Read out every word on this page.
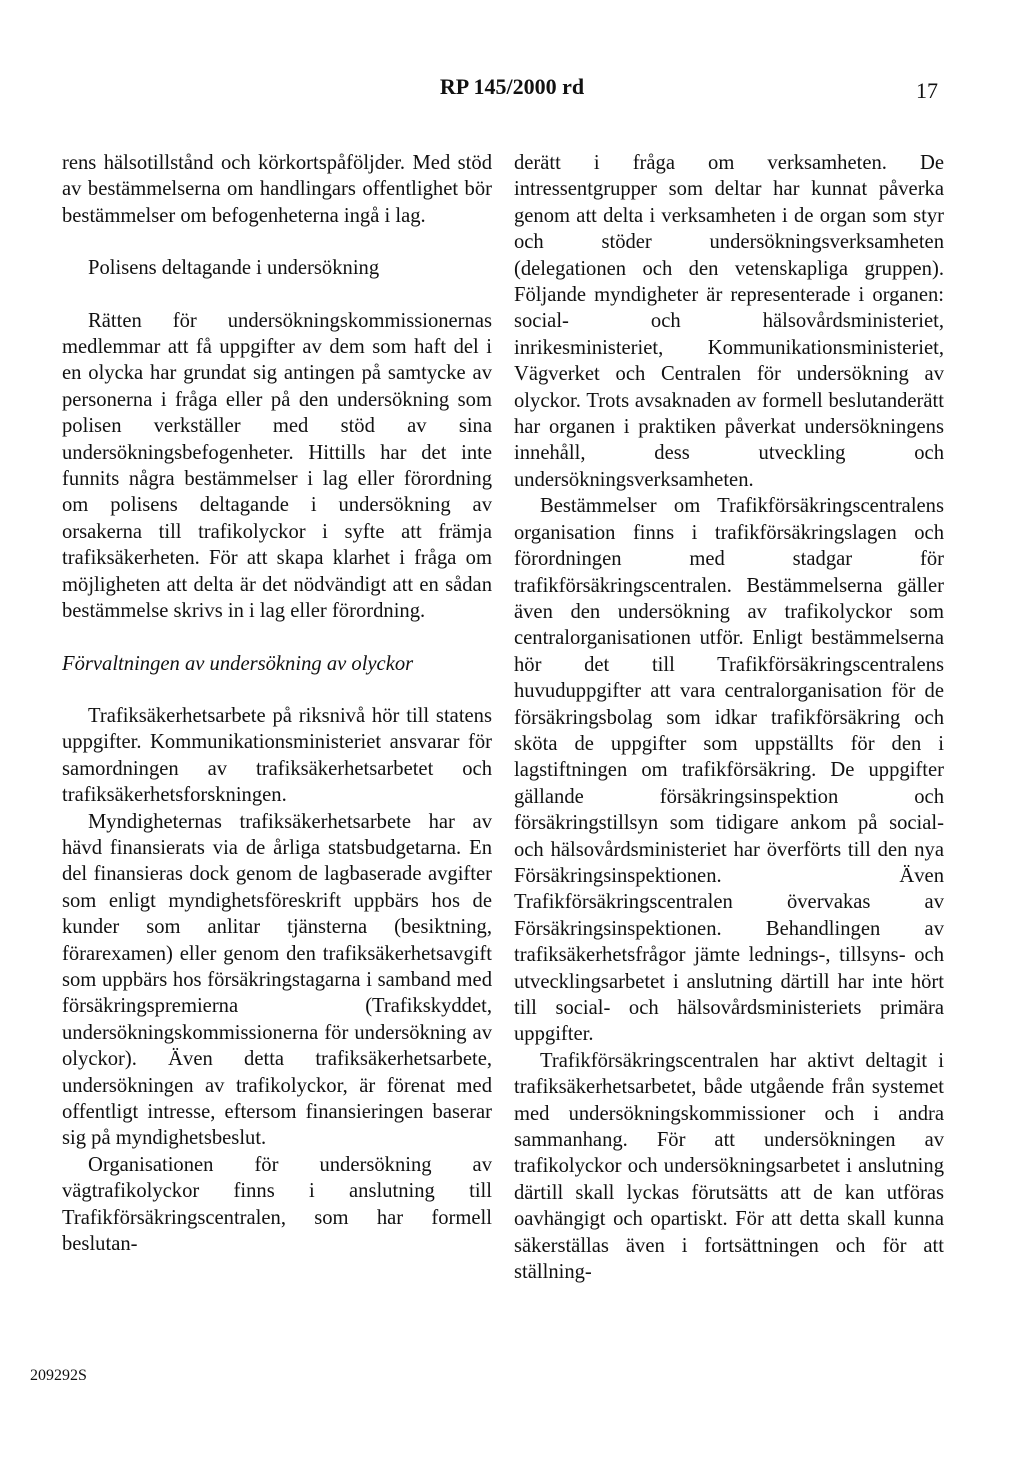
RP 145/2000 rd	17

rens hälsotillstånd och körkortspåföljder. Med stöd av bestämmelserna om handlingars offentlighet bör bestämmelser om befogenheterna ingå i lag.

Polisens deltagande i undersökning

Rätten för undersökningskommissionernas medlemmar att få uppgifter av dem som haft del i en olycka har grundat sig antingen på samtycke av personerna i fråga eller på den undersökning som polisen verkställer med stöd av sina undersökningsbefogenheter. Hittills har det inte funnits några bestämmelser i lag eller förordning om polisens deltagande i undersökning av orsakerna till trafikolyckor i syfte att främja trafiksäkerheten. För att skapa klarhet i fråga om möjligheten att delta är det nödvändigt att en sådan bestämmelse skrivs in i lag eller förordning.

Förvaltningen av undersökning av olyckor

Trafiksäkerhetsarbete på riksnivå hör till statens uppgifter. Kommunikationsministeriet ansvarar för samordningen av trafiksäkerhetsarbetet och trafiksäkerhetsforskningen.

Myndigheternas trafiksäkerhetsarbete har av hävd finansierats via de årliga statsbudgetarna. En del finansieras dock genom de lagbaserade avgifter som enligt myndighetsföreskrift uppbärs hos de kunder som anlitar tjänsterna (besiktning, förarexamen) eller genom den trafiksäkerhetsavgift som uppbärs hos försäkringstagarna i samband med försäkringspremierna (Trafikskyddet, undersökningskommissionerna för undersökning av olyckor). Även detta trafiksäkerhetsarbete, undersökningen av trafikolyckor, är förenat med offentligt intresse, eftersom finansieringen baserar sig på myndighetsbeslut.

Organisationen för undersökning av vägtrafikolyckor finns i anslutning till Trafikförsäkringscentralen, som har formell beslutan-

derätt i fråga om verksamheten. De intressentgrupper som deltar har kunnat påverka genom att delta i verksamheten i de organ som styr och stöder undersökningsverksamheten (delegationen och den vetenskapliga gruppen). Följande myndigheter är representerade i organen: social- och hälsovårdsministeriet, inrikesministeriet, Kommunikationsministeriet, Vägverket och Centralen för undersökning av olyckor. Trots avsaknaden av formell beslutanderätt har organen i praktiken påverkat undersökningens innehåll, dess utveckling och undersökningsverksamheten.

Bestämmelser om Trafikförsäkringscentralens organisation finns i trafikförsäkringslagen och förordningen med stadgar för trafikförsäkringscentralen. Bestämmelserna gäller även den undersökning av trafikolyckor som centralorganisationen utför. Enligt bestämmelserna hör det till Trafikförsäkringscentralens huvuduppgifter att vara centralorganisation för de försäkringsbolag som idkar trafikförsäkring och sköta de uppgifter som uppställts för den i lagstiftningen om trafikförsäkring. De uppgifter gällande försäkringsinspektion och försäkringstillsyn som tidigare ankom på social- och hälsovårdsministeriet har överförts till den nya Försäkringsinspektionen. Även Trafikförsäkringscentralen övervakas av Försäkringsinspektionen. Behandlingen av trafiksäkerhetsfrågor jämte lednings-, tillsyns- och utvecklingsarbetet i anslutning därtill har inte hört till social- och hälsovårdsministeriets primära uppgifter.

Trafikförsäkringscentralen har aktivt deltagit i trafiksäkerhetsarbetet, både utgående från systemet med undersökningskommissioner och i andra sammanhang. För att undersökningen av trafikolyckor och undersökningsarbetet i anslutning därtill skall lyckas förutsätts att de kan utföras oavhängigt och opartiskt. För att detta skall kunna säkerställas även i fortsättningen och för att ställning-

209292S
